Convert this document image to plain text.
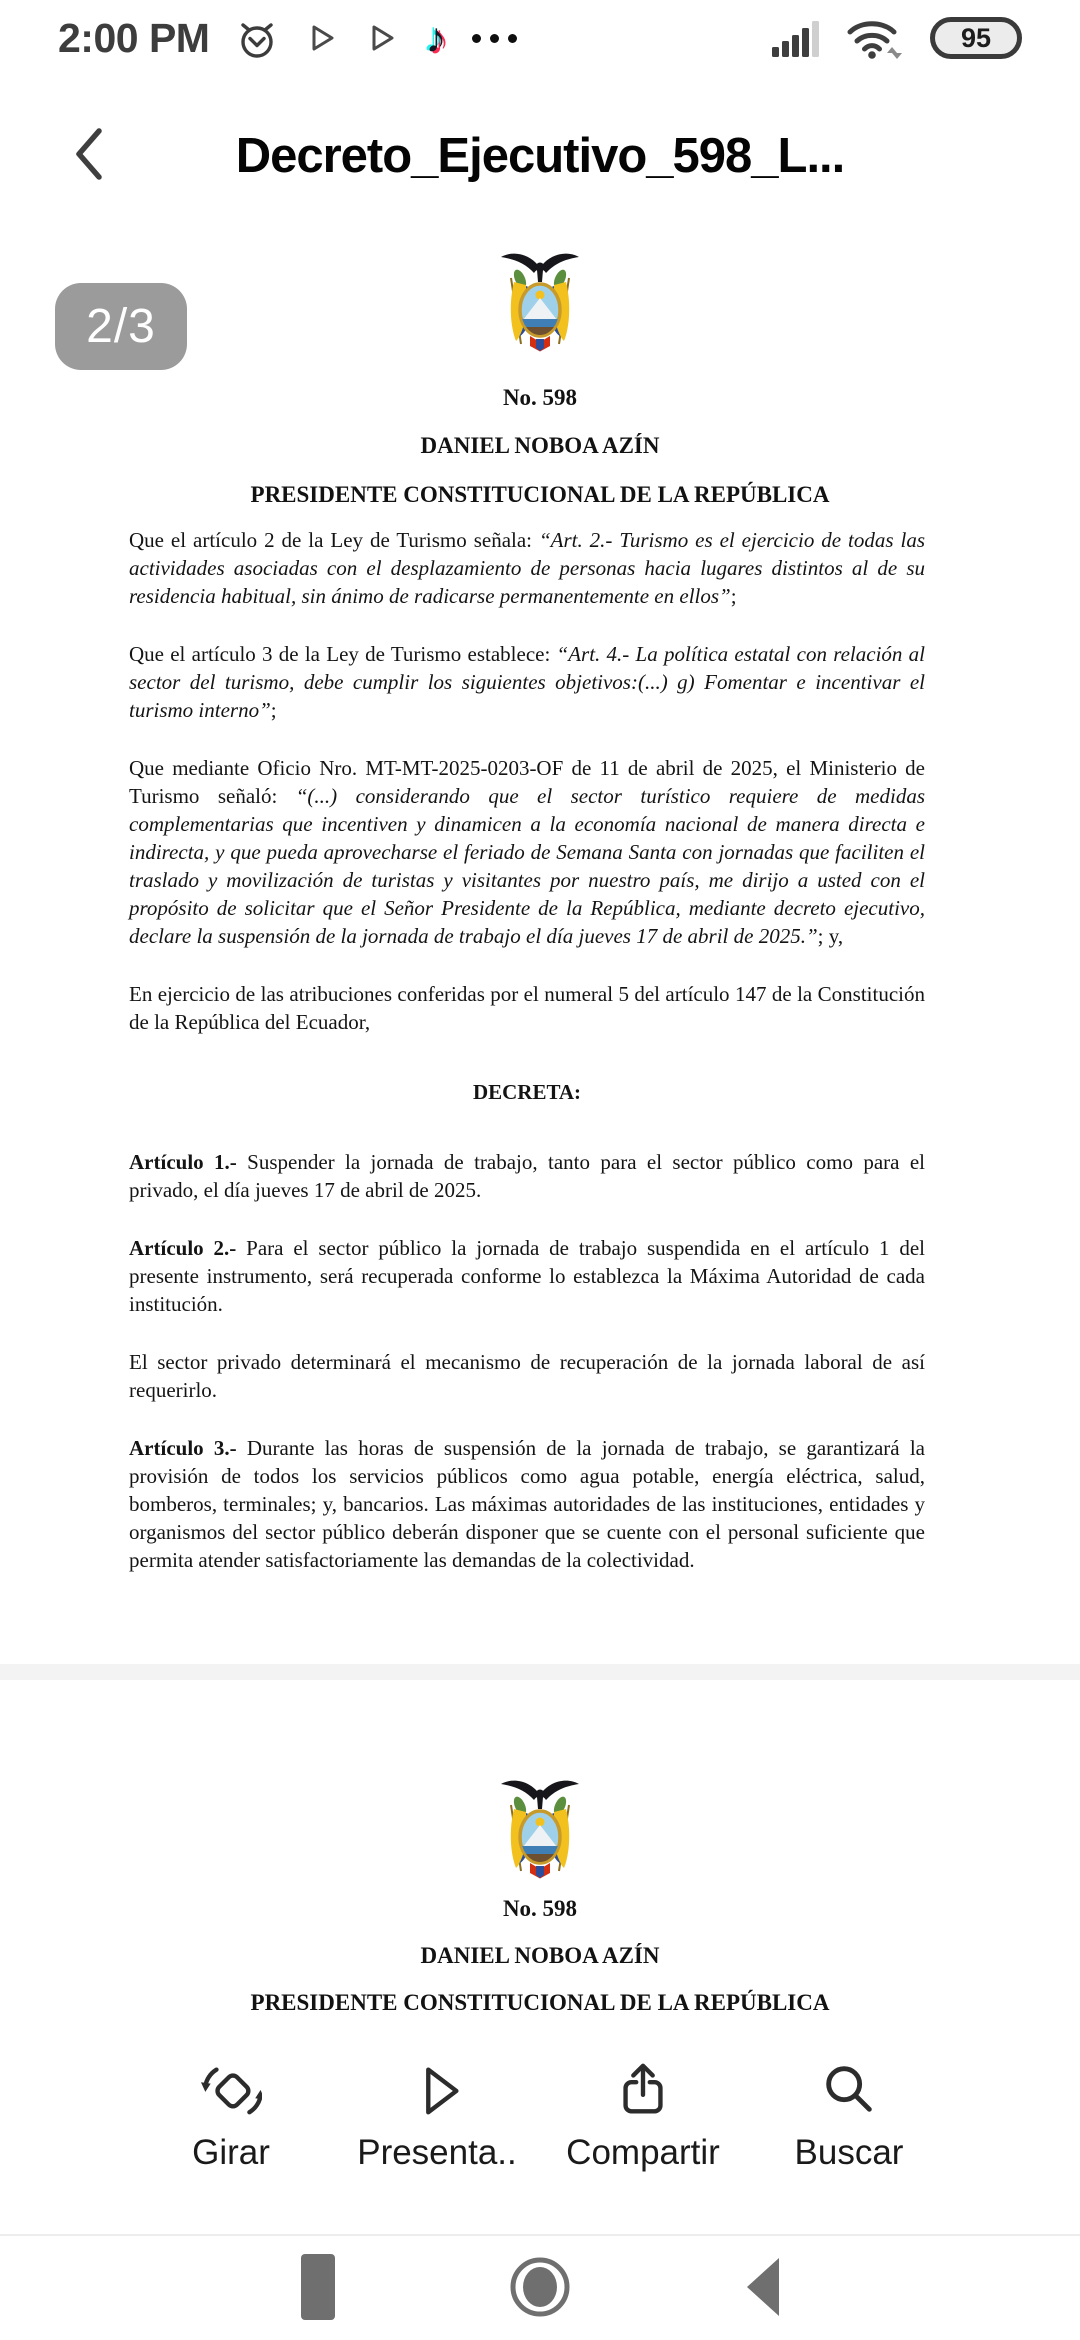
2:00 PM	♪	95
Decreto_Ejecutivo_598_L...
2/3
No. 598
DANIEL NOBOA AZÍN
PRESIDENTE CONSTITUCIONAL DE LA REPÚBLICA

Que el artículo 2 de la Ley de Turismo señala: “Art. 2.- Turismo es el ejercicio de todas las actividades asociadas con el desplazamiento de personas hacia lugares distintos al de su residencia habitual, sin ánimo de radicarse permanentemente en ellos”;

Que el artículo 3 de la Ley de Turismo establece: “Art. 4.- La política estatal con relación al sector del turismo, debe cumplir los siguientes objetivos:(...) g) Fomentar e incentivar el turismo interno”;

Que mediante Oficio Nro. MT-MT-2025-0203-OF de 11 de abril de 2025, el Ministerio de Turismo señaló: “(...) considerando que el sector turístico requiere de medidas complementarias que incentiven y dinamicen a la economía nacional de manera directa e indirecta, y que pueda aprovecharse el feriado de Semana Santa con jornadas que faciliten el traslado y movilización de turistas y visitantes por nuestro país, me dirijo a usted con el propósito de solicitar que el Señor Presidente de la República, mediante decreto ejecutivo, declare la suspensión de la jornada de trabajo el día jueves 17 de abril de 2025.”; y,

En ejercicio de las atribuciones conferidas por el numeral 5 del artículo 147 de la Constitución de la República del Ecuador,

DECRETA:

Artículo 1.- Suspender la jornada de trabajo, tanto para el sector público como para el privado, el día jueves 17 de abril de 2025.

Artículo 2.- Para el sector público la jornada de trabajo suspendida en el artículo 1 del presente instrumento, será recuperada conforme lo establezca la Máxima Autoridad de cada institución.

El sector privado determinará el mecanismo de recuperación de la jornada laboral de así requerirlo.

Artículo 3.- Durante las horas de suspensión de la jornada de trabajo, se garantizará la provisión de todos los servicios públicos como agua potable, energía eléctrica, salud, bomberos, terminales; y, bancarios. Las máximas autoridades de las instituciones, entidades y organismos del sector público deberán disponer que se cuente con el personal suficiente que permita atender satisfactoriamente las demandas de la colectividad.

No. 598
DANIEL NOBOA AZÍN
PRESIDENTE CONSTITUCIONAL DE LA REPÚBLICA
Girar Presenta.. Compartir Buscar
